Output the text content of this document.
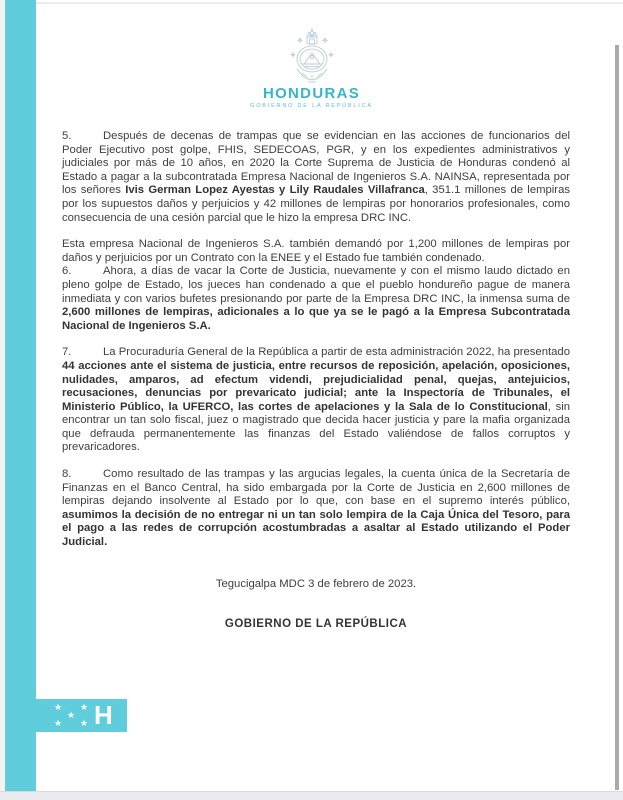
HONDURAS
GOBIERNO DE LA REPÚBLICA

5.	Después de decenas de trampas que se evidencian en las acciones de funcionarios del Poder Ejecutivo post golpe, FHIS, SEDECOAS, PGR, y en los expedientes administrativos y judiciales por más de 10 años, en 2020 la Corte Suprema de Justicia de Honduras condenó al Estado a pagar a la subcontratada Empresa Nacional de Ingenieros S.A. NAINSA, representada por los señores Ivis German Lopez Ayestas y Lily Raudales Villafranca, 351.1 millones de lempiras por los supuestos daños y perjuicios y 42 millones de lempiras por honorarios profesionales, como consecuencia de una cesión parcial que le hizo la empresa DRC INC.

Esta empresa Nacional de Ingenieros S.A. también demandó por 1,200 millones de lempiras por daños y perjuicios por un Contrato con la ENEE y el Estado fue también condenado.

6.	Ahora, a días de vacar la Corte de Justicia, nuevamente y con el mismo laudo dictado en pleno golpe de Estado, los jueces han condenado a que el pueblo hondureño pague de manera inmediata y con varios bufetes presionando por parte de la Empresa DRC INC, la inmensa suma de 2,600 millones de lempiras, adicionales a lo que ya se le pagó a la Empresa Subcontratada Nacional de Ingenieros S.A.

7.	La Procuraduría General de la República a partir de esta administración 2022, ha presentado 44 acciones ante el sistema de justicia, entre recursos de reposición, apelación, oposiciones, nulidades, amparos, ad efectum videndi, prejudicialidad penal, quejas, antejuicios, recusaciones, denuncias por prevaricato judicial; ante la Inspectoría de Tribunales, el Ministerio Público, la UFERCO, las cortes de apelaciones y la Sala de lo Constitucional, sin encontrar un tan solo fiscal, juez o magistrado que decida hacer justicia y pare la mafia organizada que defrauda permanentemente las finanzas del Estado valiéndose de fallos corruptos y prevaricadores.

8.	Como resultado de las trampas y las argucias legales, la cuenta única de la Secretaría de Finanzas en el Banco Central, ha sido embargada por la Corte de Justicia en 2,600 millones de lempiras dejando insolvente al Estado por lo que, con base en el supremo interés público, asumimos la decisión de no entregar ni un tan solo lempira de la Caja Única del Tesoro, para el pago a las redes de corrupción acostumbradas a asaltar al Estado utilizando el Poder Judicial.

Tegucigalpa MDC 3 de febrero de 2023.

GOBIERNO DE LA REPÚBLICA

★ ★
★
★ ★ H
